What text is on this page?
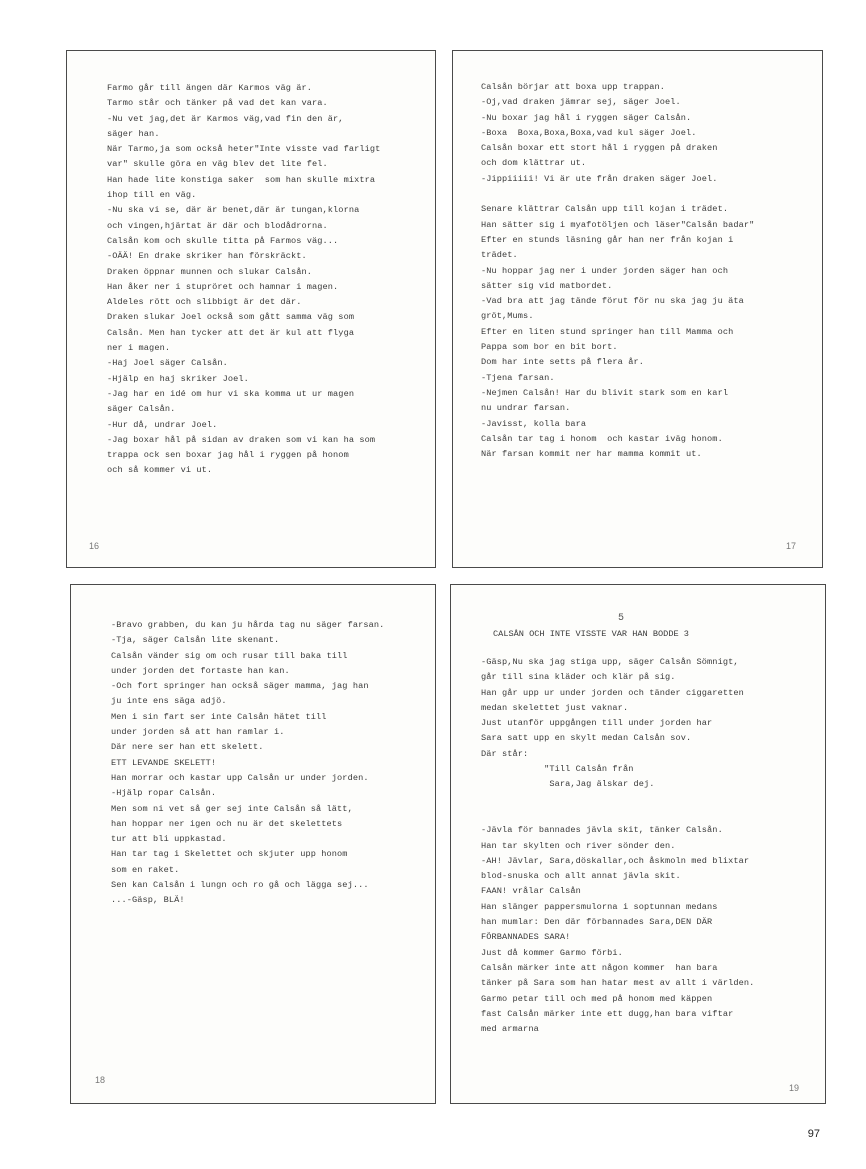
Farmo går till ängen där Karmos väg är.
Tarmo står och tänker på vad det kan vara.
-Nu vet jag,det är Karmos väg,vad fin den är,
säger han.
När Tarmo,ja som också heter"Inte visste vad farligt
var" skulle göra en väg blev det lite fel.
Han hade lite konstiga saker  som han skulle mixtra
ihop till en väg.
-Nu ska vi se, där är benet,där är tungan,klorna
och vingen,hjärtat är där och blodådrorna.
Calsån kom och skulle titta på Farmos väg...
-OÄÄ! En drake skriker han förskräckt.
Draken öppnar munnen och slukar Calsån.
Han åker ner i stupröret och hamnar i magen.
Aldeles rött och slibbigt är det där.
Draken slukar Joel också som gått samma väg som
Calsån. Men han tycker att det är kul att flyga
ner i magen.
-Haj Joel säger Calsån.
-Hjälp en haj skriker Joel.
-Jag har en idé om hur vi ska komma ut ur magen
säger Calsån.
-Hur då, undrar Joel.
-Jag boxar hål på sidan av draken som vi kan ha som
trappa ock sen boxar jag hål i ryggen på honom
och så kommer vi ut.
16
Calsån börjar att boxa upp trappan.
-Oj,vad draken jämrar sej, säger Joel.
-Nu boxar jag hål i ryggen säger Calsån.
-Boxa  Boxa,Boxa,Boxa,vad kul säger Joel.
Calsån boxar ett stort hål i ryggen på draken
och dom klättrar ut.
-Jippiiiii! Vi är ute från draken säger Joel.
Senare klättrar Calsån upp till kojan i trädet.
Han sätter sig i myafotöljen och läser"Calsån badar"
Efter en stunds läsning går han ner från kojan i
trädet.
-Nu hoppar jag ner i under jorden säger han och
sätter sig vid matbordet.
-Vad bra att jag tände förut för nu ska jag ju äta
gröt,Mums.
Efter en liten stund springer han till Mamma och
Pappa som bor en bit bort.
Dom har inte setts på flera år.
-Tjena farsan.
-Nejmen Calsån! Har du blivit stark som en karl
nu undrar farsan.
-Javisst, kolla bara
Calsån tar tag i honom  och kastar iväg honom.
När farsan kommit ner har mamma kommit ut.
17
-Bravo grabben, du kan ju hårda tag nu säger farsan.
-Tja, säger Calsån lite skenant.
Calsån vänder sig om och rusar till baka till
under jorden det fortaste han kan.
-Och fort springer han också säger mamma, jag han
ju inte ens säga adjö.
Men i sin fart ser inte Calsån hätet till
under jorden så att han ramlar i.
Där nere ser han ett skelett.
ETT LEVANDE SKELETT!
Han morrar och kastar upp Calsån ur under jorden.
-Hjälp ropar Calsån.
Men som ni vet så ger sej inte Calsån så lätt,
han hoppar ner igen och nu är det skelettets
tur att bli uppkastad.
Han tar tag i Skelettet och skjuter upp honom
som en raket.
Sen kan Calsån i lungn och ro gå och lägga sej...
...-Gäsp, BLÄ!
18
5
CALSÅN OCH INTE VISSTE VAR HAN BODDE 3
-Gäsp,Nu ska jag stiga upp, säger Calsån Sömnigt,
går till sina kläder och klär på sig.
Han går upp ur under jorden och tänder ciggaretten
medan skelettet just vaknar.
Just utanför uppgången till under jorden har
Sara satt upp en skylt medan Calsån sov.
Där står:
"Till Calsån från
Sara,Jag älskar dej.
-Jävla för bannades jävla skit, tänker Calsån.
Han tar skylten och river sönder den.
-AH! Jävlar, Sara,döskallar,och åskmoln med blixtar
blod-snuska och allt annat jävla skit.
FAAN! vrålar Calsån
Han slänger pappersmulorna i soptunnan medans
han mumlar: Den där förbannades Sara,DEN DÄR
FÖRBANNADES SARA!
Just då kommer Garmo förbi.
Calsån märker inte att någon kommer  han bara
tänker på Sara som han hatar mest av allt i världen.
Garmo petar till och med på honom med käppen
fast Calsån märker inte ett dugg,han bara viftar
med armarna
19
97
